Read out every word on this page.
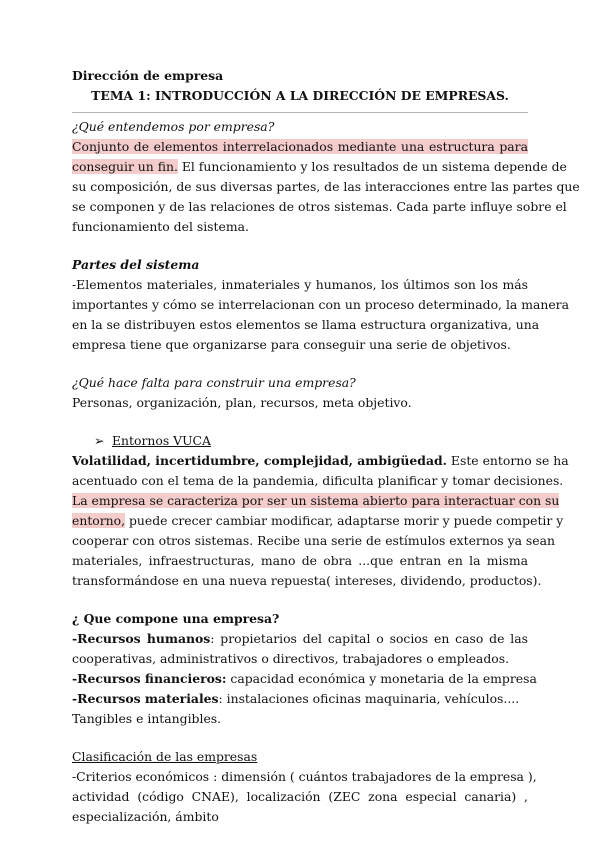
Dirección de empresa
TEMA 1: INTRODUCCIÓN A LA DIRECCIÓN DE EMPRESAS.
¿Qué entendemos por empresa?
Conjunto de elementos interrelacionados mediante una estructura para
conseguir un fin. El funcionamiento y los resultados de un sistema depende de
su composición, de sus diversas partes, de las interacciones entre las partes que
se componen y de las relaciones de otros sistemas. Cada parte influye sobre el
funcionamiento del sistema.
Partes del sistema
-Elementos materiales, inmateriales y humanos, los últimos son los más
importantes y cómo se interrelacionan con un proceso determinado, la manera
en la se distribuyen estos elementos se llama estructura organizativa, una
empresa tiene que organizarse para conseguir una serie de objetivos.
¿Qué hace falta para construir una empresa?
Personas, organización, plan, recursos, meta objetivo.
➢ Entornos VUCA
Volatilidad, incertidumbre, complejidad, ambigüedad. Este entorno se ha
acentuado con el tema de la pandemia, dificulta planificar y tomar decisiones.
La empresa se caracteriza por ser un sistema abierto para interactuar con su
entorno, puede crecer cambiar modificar, adaptarse morir y puede competir y
cooperar con otros sistemas. Recibe una serie de estímulos externos ya sean
materiales, infraestructuras, mano de obra ...que entran en la misma
transformándose en una nueva repuesta( intereses, dividendo, productos).
¿ Que compone una empresa?
-Recursos humanos: propietarios del capital o socios en caso de las
cooperativas, administrativos o directivos, trabajadores o empleados.
-Recursos financieros: capacidad económica y monetaria de la empresa
-Recursos materiales: instalaciones oficinas maquinaria, vehículos....
Tangibles e intangibles.
Clasificación de las empresas
-Criterios económicos : dimensión ( cuántos trabajadores de la empresa ),
actividad (código CNAE), localización (ZEC zona especial canaria) ,
especialización, ámbito
